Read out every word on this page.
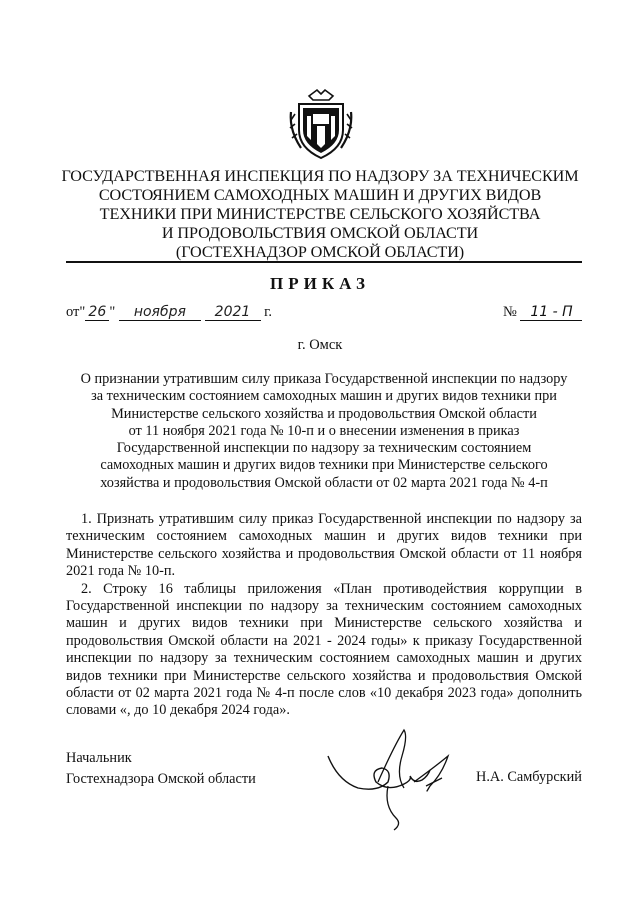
ГОСУДАРСТВЕННАЯ ИНСПЕКЦИЯ ПО НАДЗОРУ ЗА ТЕХНИЧЕСКИМ
СОСТОЯНИЕМ САМОХОДНЫХ МАШИН И ДРУГИХ ВИДОВ
ТЕХНИКИ ПРИ МИНИСТЕРСТВЕ СЕЛЬСКОГО ХОЗЯЙСТВА
И ПРОДОВОЛЬСТВИЯ ОМСКОЙ ОБЛАСТИ
(ГОСТЕХНАДЗОР ОМСКОЙ ОБЛАСТИ)
ПРИКАЗ
от" 26 " ноября 2021 г.	№ 11 - П
г. Омск
О признании утратившим силу приказа Государственной инспекции по надзору
за техническим состоянием самоходных машин и других видов техники при
Министерстве сельского хозяйства и продовольствия Омской области
от 11 ноября 2021 года № 10-п и о внесении изменения в приказ
Государственной инспекции по надзору за техническим состоянием
самоходных машин и других видов техники при Министерстве сельского
хозяйства и продовольствия Омской области от 02 марта 2021 года № 4-п

1. Признать утратившим силу приказ Государственной инспекции по надзору за техническим состоянием самоходных машин и других видов техники при Министерстве сельского хозяйства и продовольствия Омской области от 11 ноября 2021 года № 10-п.

2. Строку 16 таблицы приложения «План противодействия коррупции в Государственной инспекции по надзору за техническим состоянием самоходных машин и других видов техники при Министерстве сельского хозяйства и продовольствия Омской области на 2021 - 2024 годы» к приказу Государственной инспекции по надзору за техническим состоянием самоходных машин и других видов техники при Министерстве сельского хозяйства и продовольствия Омской области от 02 марта 2021 года № 4-п после слов «10 декабря 2023 года» дополнить словами «, до 10 декабря 2024 года».

Начальник
Гостехнадзора Омской области	Н.А. Самбурский
